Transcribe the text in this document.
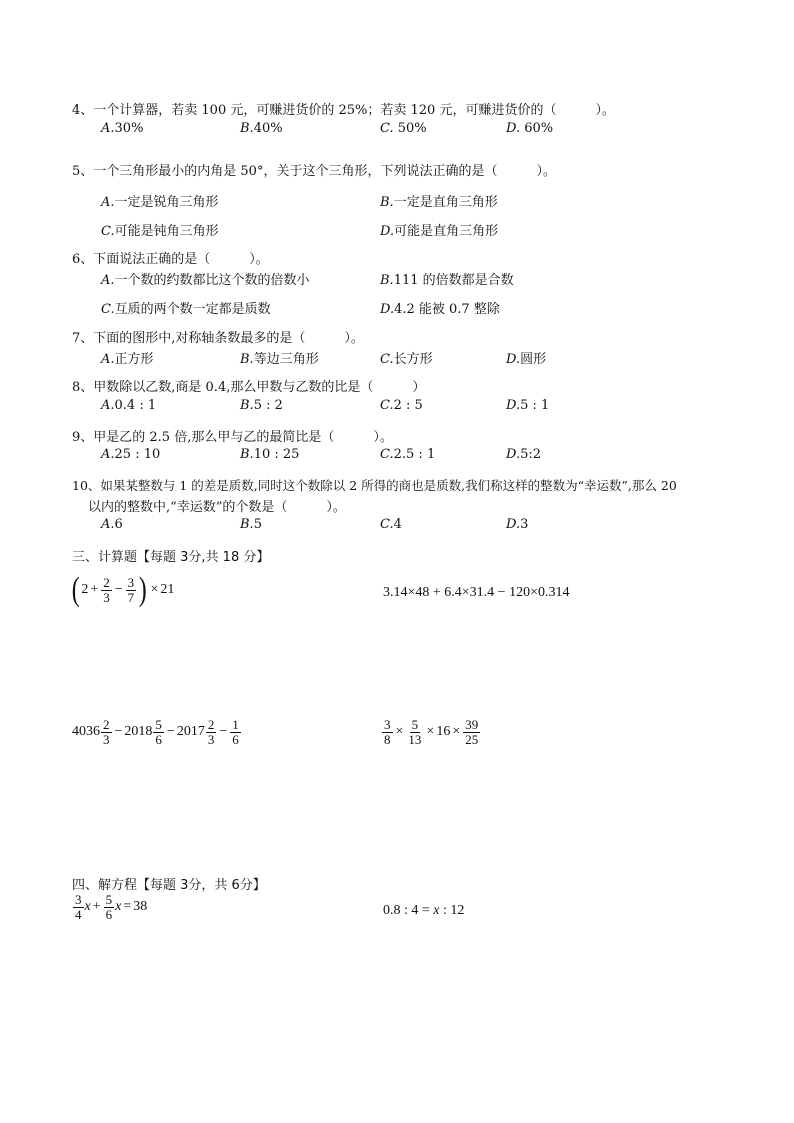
4、一个计算器，若卖 100 元，可赚进货价的 25%；若卖 120 元，可赚进货价的（　　　）。
A.30%	B.40%	C. 50%	D. 60%
5、一个三角形最小的内角是 50°，关于这个三角形，下列说法正确的是（　　　）。
A.一定是锐角三角形	B.一定是直角三角形
C.可能是钝角三角形	D.可能是直角三角形
6、下面说法正确的是（　　　）。
A.一个数的约数都比这个数的倍数小	B.111 的倍数都是合数
C.互质的两个数一定都是质数	D.4.2 能被 0.7 整除
7、下面的图形中,对称轴条数最多的是（　　　）。
A.正方形	B.等边三角形	C.长方形	D.圆形
8、甲数除以乙数,商是 0.4,那么甲数与乙数的比是（　　　）
A.0.4 : 1	B.5 : 2	C.2 : 5	D.5 : 1
9、甲是乙的 2.5 倍,那么甲与乙的最简比是（　　　）。
A.25 : 10	B.10 : 25	C.2.5 : 1	D.5:2
10、如果某整数与 1 的差是质数,同时这个数除以 2 所得的商也是质数,我们称这样的整数为“幸运数”,那么 20
以内的整数中,“幸运数”的个数是（　　　）。
A.6	B.5	C.4	D.3
三、计算题【每题 3分,共 18 分】
( $2 + \frac{2}{3} - \frac{3}{7}$ ) × 21	3.14×48 + 6.4×31.4 − 120×0.314
$4036 \frac{2}{3} - 2018 \frac{5}{6} - 2017 \frac{2}{3} - \frac{1}{6}$	$\frac{3}{8} \times \frac{5}{13} \times 16 \times \frac{39}{25}$
四、解方程【每题 3分，共 6分】
$\frac{3}{4}$ $x + \frac{5}{6}$ x = 38	0.8 : 4 = x : 12
